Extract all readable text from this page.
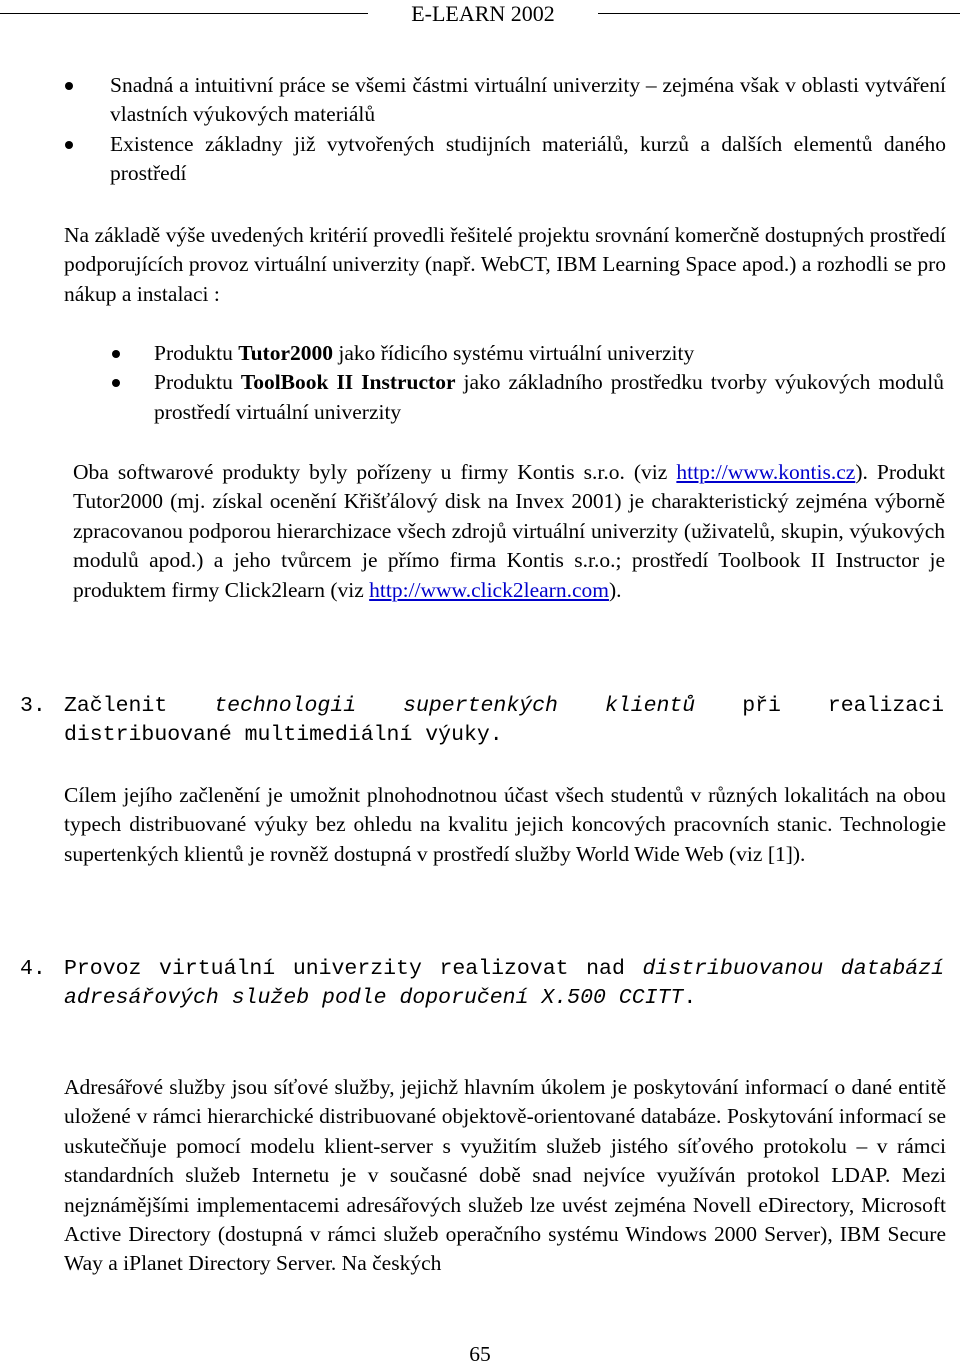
E-LEARN 2002
Snadná a intuitivní práce se všemi částmi virtuální univerzity – zejména však v oblasti vytváření vlastních výukových materiálů
Existence základny již vytvořených studijních materiálů, kurzů a dalších elementů daného prostředí

Na základě výše uvedených kritérií provedli řešitelé projektu srovnání komerčně dostupných prostředí podporujících provoz virtuální univerzity (např. WebCT, IBM Learning Space apod.) a rozhodli se pro nákup a instalaci :

Produktu Tutor2000 jako řídicího systému virtuální univerzity
Produktu ToolBook II Instructor jako základního prostředku tvorby výukových modulů prostředí virtuální univerzity

Oba softwarové produkty byly pořízeny u firmy Kontis s.r.o. (viz http://www.kontis.cz). Produkt Tutor2000 (mj. získal ocenění Křišťálový disk na Invex 2001) je charakteristický zejména výborně zpracovanou podporou hierarchizace všech zdrojů virtuální univerzity (uživatelů, skupin, výukových modulů apod.) a jeho tvůrcem je přímo firma Kontis s.r.o.; prostředí Toolbook II Instructor je produktem firmy Click2learn (viz http://www.click2learn.com).

3. Začlenit technologii supertenkých klientů při realizaci distribuované multimediální výuky.

Cílem jejího začlenění je umožnit plnohodnotnou účast všech studentů v různých lokalitách na obou typech distribuované výuky bez ohledu na kvalitu jejich koncových pracovních stanic. Technologie supertenkých klientů je rovněž dostupná v prostředí služby World Wide Web (viz [1]).

4. Provoz virtuální univerzity realizovat nad distribuovanou databází adresářových služeb podle doporučení X.500 CCITT.

Adresářové služby jsou síťové služby, jejichž hlavním úkolem je poskytování informací o dané entitě uložené v rámci hierarchické distribuované objektově-orientované databáze. Poskytování informací se uskutečňuje pomocí modelu klient-server s využitím služeb jistého síťového protokolu – v rámci standardních služeb Internetu je v současné době snad nejvíce využíván protokol LDAP. Mezi nejznámějšími implementacemi adresářových služeb lze uvést zejména Novell eDirectory, Microsoft Active Directory (dostupná v rámci služeb operačního systému Windows 2000 Server), IBM Secure Way a iPlanet Directory Server. Na českých

65
